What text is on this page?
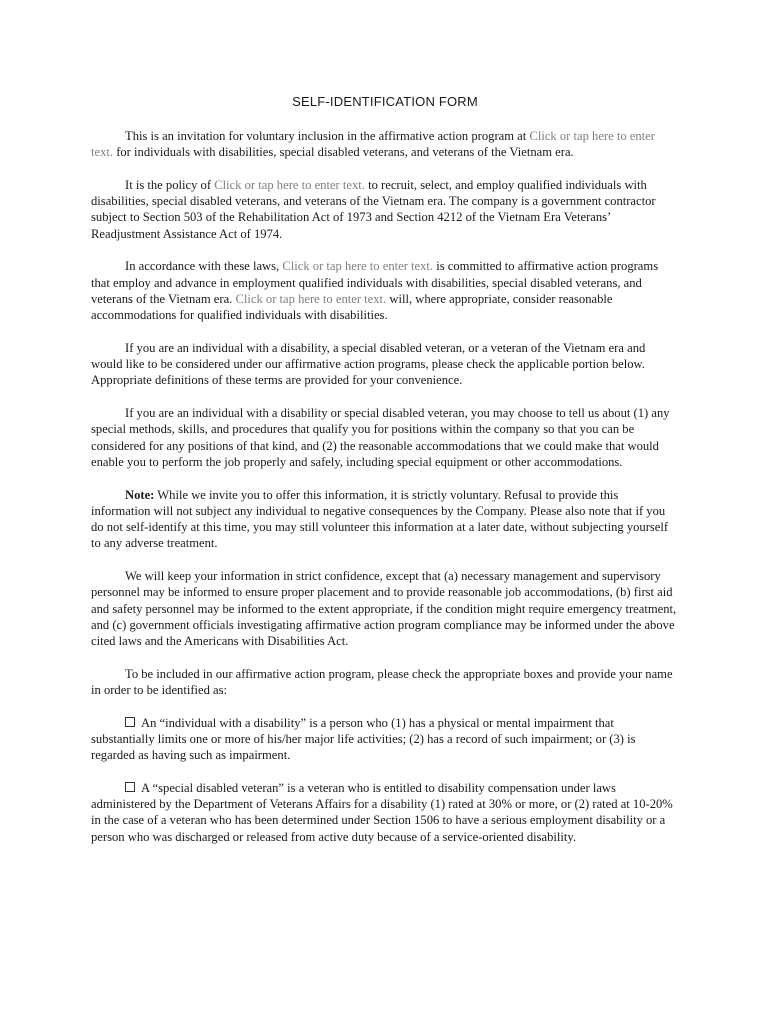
SELF-IDENTIFICATION FORM

This is an invitation for voluntary inclusion in the affirmative action program at Click or tap here to enter text. for individuals with disabilities, special disabled veterans, and veterans of the Vietnam era.

It is the policy of Click or tap here to enter text. to recruit, select, and employ qualified individuals with disabilities, special disabled veterans, and veterans of the Vietnam era. The company is a government contractor subject to Section 503 of the Rehabilitation Act of 1973 and Section 4212 of the Vietnam Era Veterans’ Readjustment Assistance Act of 1974.

In accordance with these laws, Click or tap here to enter text. is committed to affirmative action programs that employ and advance in employment qualified individuals with disabilities, special disabled veterans, and veterans of the Vietnam era. Click or tap here to enter text. will, where appropriate, consider reasonable accommodations for qualified individuals with disabilities.

If you are an individual with a disability, a special disabled veteran, or a veteran of the Vietnam era and would like to be considered under our affirmative action programs, please check the applicable portion below. Appropriate definitions of these terms are provided for your convenience.

If you are an individual with a disability or special disabled veteran, you may choose to tell us about (1) any special methods, skills, and procedures that qualify you for positions within the company so that you can be considered for any positions of that kind, and (2) the reasonable accommodations that we could make that would enable you to perform the job properly and safely, including special equipment or other accommodations.

Note: While we invite you to offer this information, it is strictly voluntary. Refusal to provide this information will not subject any individual to negative consequences by the Company. Please also note that if you do not self-identify at this time, you may still volunteer this information at a later date, without subjecting yourself to any adverse treatment.

We will keep your information in strict confidence, except that (a) necessary management and supervisory personnel may be informed to ensure proper placement and to provide reasonable job accommodations, (b) first aid and safety personnel may be informed to the extent appropriate, if the condition might require emergency treatment, and (c) government officials investigating affirmative action program compliance may be informed under the above cited laws and the Americans with Disabilities Act.

To be included in our affirmative action program, please check the appropriate boxes and provide your name in order to be identified as:

An “individual with a disability” is a person who (1) has a physical or mental impairment that substantially limits one or more of his/her major life activities; (2) has a record of such impairment; or (3) is regarded as having such as impairment.

A “special disabled veteran” is a veteran who is entitled to disability compensation under laws administered by the Department of Veterans Affairs for a disability (1) rated at 30% or more, or (2) rated at 10-20% in the case of a veteran who has been determined under Section 1506 to have a serious employment disability or a person who was discharged or released from active duty because of a service-oriented disability.
